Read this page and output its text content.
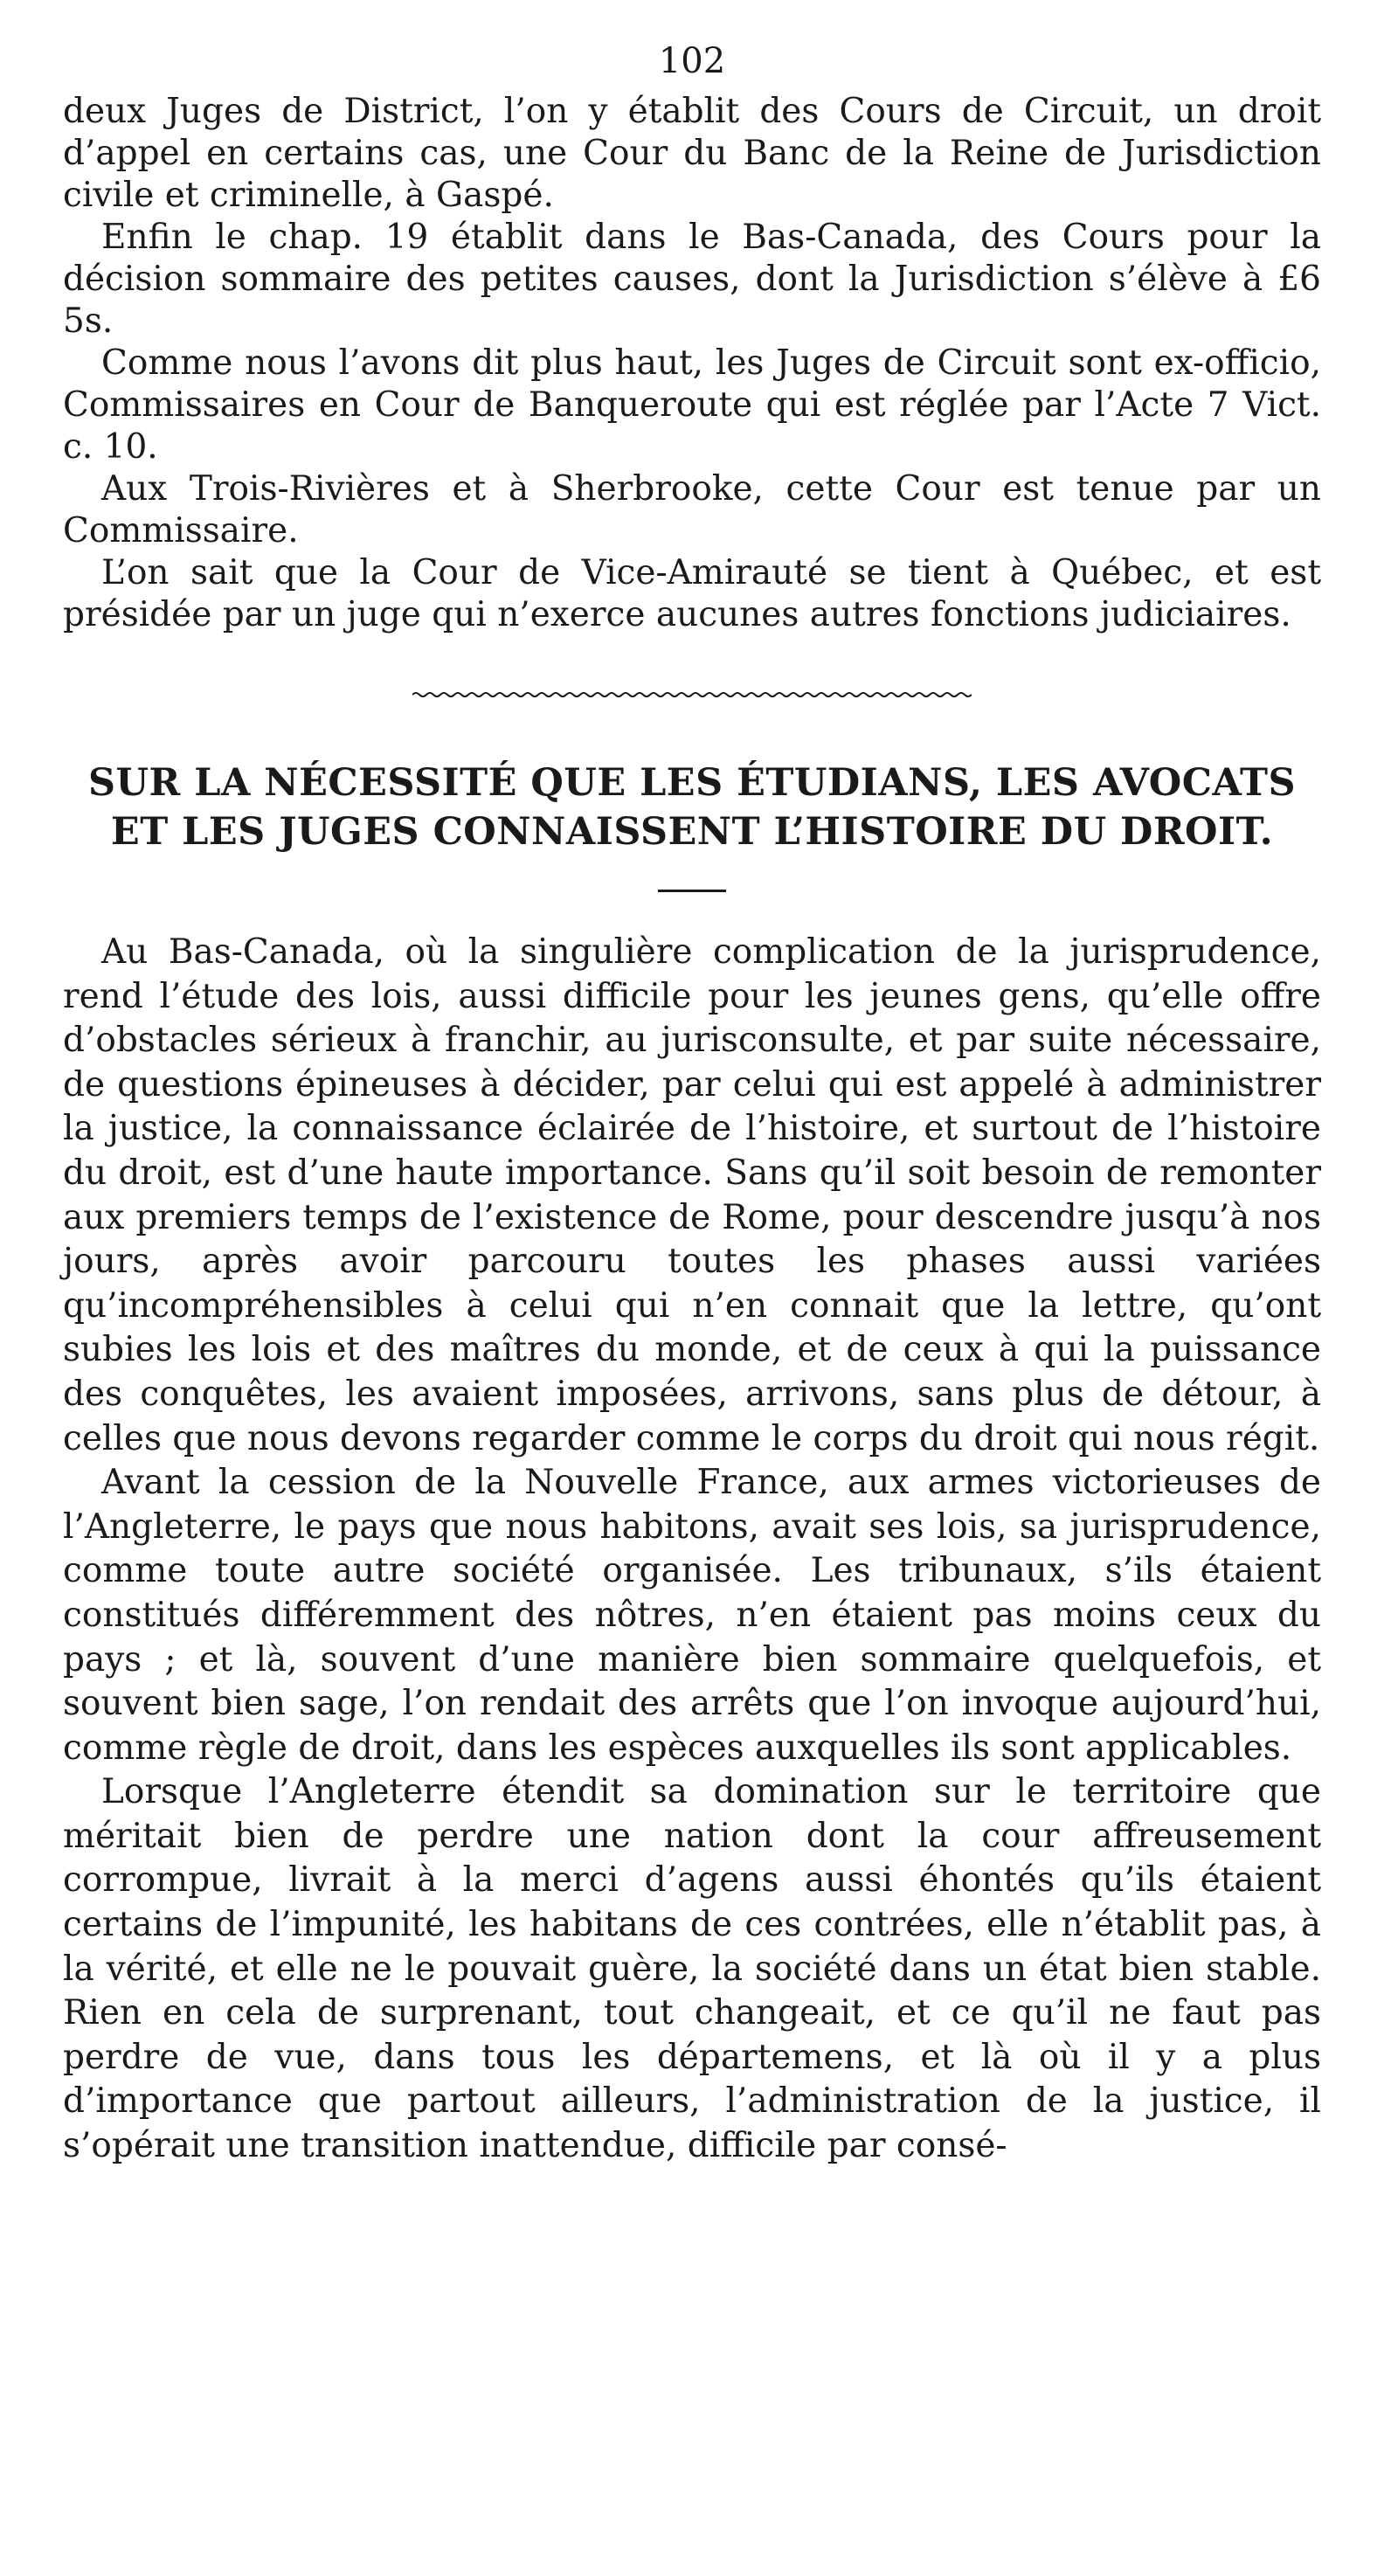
102

deux Juges de District, l’on y établit des Cours de Circuit, un droit d’appel en certains cas, une Cour du Banc de la Reine de Jurisdiction civile et criminelle, à Gaspé.

Enfin le chap. 19 établit dans le Bas-Canada, des Cours pour la décision sommaire des petites causes, dont la Jurisdiction s’élève à £6 5s.

Comme nous l’avons dit plus haut, les Juges de Circuit sont ex-officio, Commissaires en Cour de Banqueroute qui est réglée par l’Acte 7 Vict. c. 10.

Aux Trois-Rivières et à Sherbrooke, cette Cour est tenue par un Commissaire.

L’on sait que la Cour de Vice-Amirauté se tient à Québec, et est présidée par un juge qui n’exerce aucunes autres fonctions judiciaires.

SUR LA NÉCESSITÉ QUE LES ÉTUDIANS, LES AVOCATS
ET LES JUGES CONNAISSENT L’HISTOIRE DU DROIT.

Au Bas-Canada, où la singulière complication de la jurisprudence, rend l’étude des lois, aussi difficile pour les jeunes gens, qu’elle offre d’obstacles sérieux à franchir, au jurisconsulte, et par suite nécessaire, de questions épineuses à décider, par celui qui est appelé à administrer la justice, la connaissance éclairée de l’histoire, et surtout de l’histoire du droit, est d’une haute importance. Sans qu’il soit besoin de remonter aux premiers temps de l’existence de Rome, pour descendre jusqu’à nos jours, après avoir parcouru toutes les phases aussi variées qu’incompréhensibles à celui qui n’en connait que la lettre, qu’ont subies les lois et des maîtres du monde, et de ceux à qui la puissance des conquêtes, les avaient imposées, arrivons, sans plus de détour, à celles que nous devons regarder comme le corps du droit qui nous régit.

Avant la cession de la Nouvelle France, aux armes victorieuses de l’Angleterre, le pays que nous habitons, avait ses lois, sa jurisprudence, comme toute autre société organisée. Les tribunaux, s’ils étaient constitués différemment des nôtres, n’en étaient pas moins ceux du pays ; et là, souvent d’une manière bien sommaire quelquefois, et souvent bien sage, l’on rendait des arrêts que l’on invoque aujourd’hui, comme règle de droit, dans les espèces auxquelles ils sont applicables.

Lorsque l’Angleterre étendit sa domination sur le territoire que méritait bien de perdre une nation dont la cour affreusement corrompue, livrait à la merci d’agens aussi éhontés qu’ils étaient certains de l’impunité, les habitans de ces contrées, elle n’établit pas, à la vérité, et elle ne le pouvait guère, la société dans un état bien stable. Rien en cela de surprenant, tout changeait, et ce qu’il ne faut pas perdre de vue, dans tous les départemens, et là où il y a plus d’importance que partout ailleurs, l’administration de la justice, il s’opérait une transition inattendue, difficile par consé-
